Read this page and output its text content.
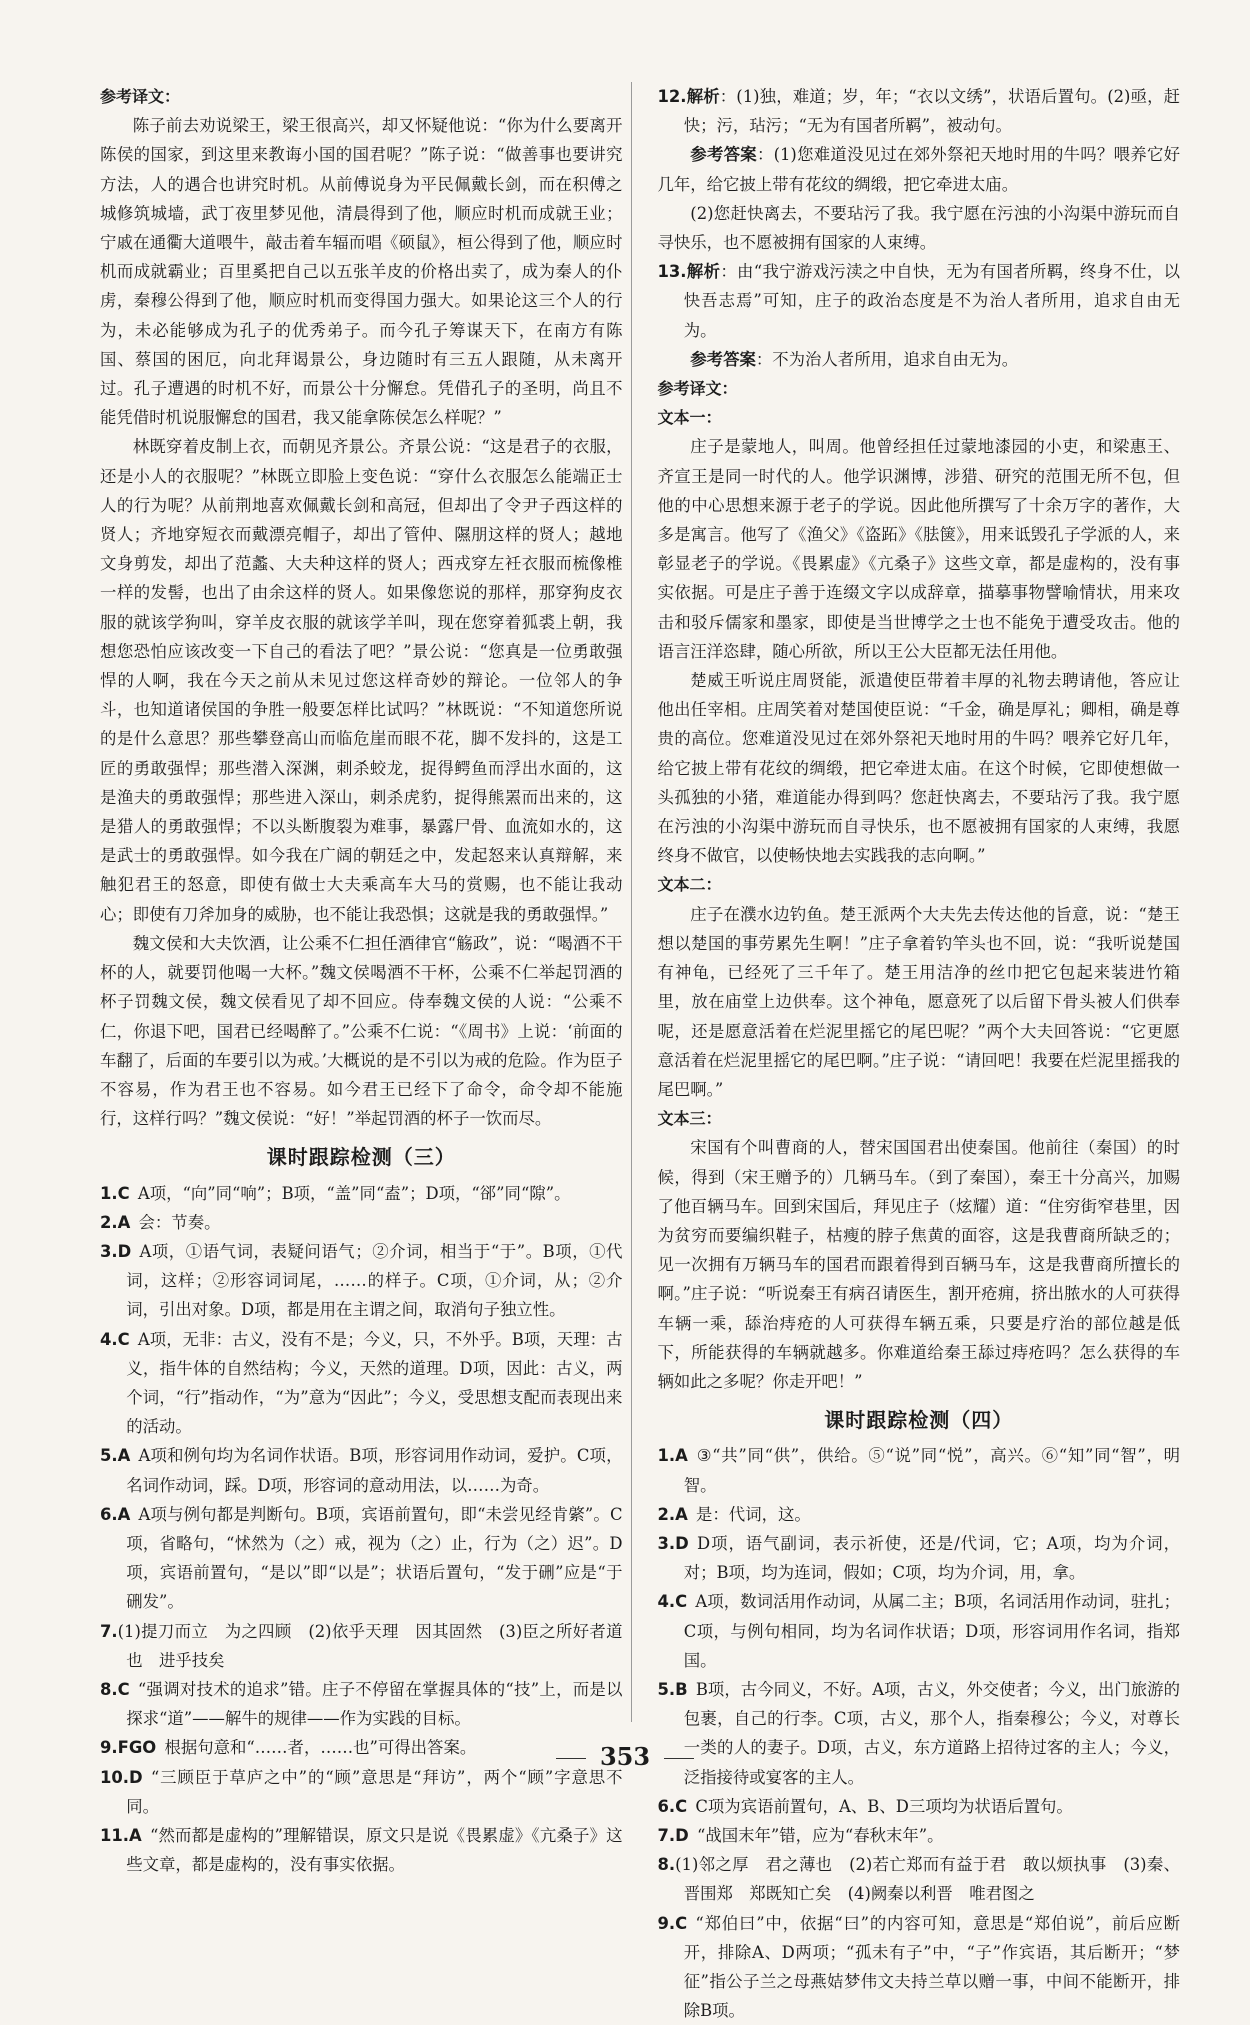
参考译文：

陈子前去劝说梁王，梁王很高兴，却又怀疑他说：“你为什么要离开陈侯的国家，到这里来教诲小国的国君呢？”陈子说：“做善事也要讲究方法，人的遇合也讲究时机。从前傅说身为平民佩戴长剑，而在积傅之城修筑城墙，武丁夜里梦见他，清晨得到了他，顺应时机而成就王业；宁戚在通衢大道喂牛，敲击着车辐而唱《硕鼠》，桓公得到了他，顺应时机而成就霸业；百里奚把自己以五张羊皮的价格出卖了，成为秦人的仆虏，秦穆公得到了他，顺应时机而变得国力强大。如果论这三个人的行为，未必能够成为孔子的优秀弟子。而今孔子筹谋天下，在南方有陈国、蔡国的困厄，向北拜谒景公，身边随时有三五人跟随，从未离开过。孔子遭遇的时机不好，而景公十分懈怠。凭借孔子的圣明，尚且不能凭借时机说服懈怠的国君，我又能拿陈侯怎么样呢？”

林既穿着皮制上衣，而朝见齐景公。齐景公说：“这是君子的衣服，还是小人的衣服呢？”林既立即脸上变色说：“穿什么衣服怎么能端正士人的行为呢？从前荆地喜欢佩戴长剑和高冠，但却出了令尹子西这样的贤人；齐地穿短衣而戴漂亮帽子，却出了管仲、隰朋这样的贤人；越地文身剪发，却出了范蠡、大夫种这样的贤人；西戎穿左衽衣服而梳像椎一样的发髻，也出了由余这样的贤人。如果像您说的那样，那穿狗皮衣服的就该学狗叫，穿羊皮衣服的就该学羊叫，现在您穿着狐裘上朝，我想您恐怕应该改变一下自己的看法了吧？”景公说：“您真是一位勇敢强悍的人啊，我在今天之前从未见过您这样奇妙的辩论。一位邻人的争斗，也知道诸侯国的争胜一般要怎样比试吗？”林既说：“不知道您所说的是什么意思？那些攀登高山而临危崖而眼不花，脚不发抖的，这是工匠的勇敢强悍；那些潜入深渊，刺杀蛟龙，捉得鳄鱼而浮出水面的，这是渔夫的勇敢强悍；那些进入深山，刺杀虎豹，捉得熊罴而出来的，这是猎人的勇敢强悍；不以头断腹裂为难事，暴露尸骨、血流如水的，这是武士的勇敢强悍。如今我在广阔的朝廷之中，发起怒来认真辩解，来触犯君王的怒意，即使有做士大夫乘高车大马的赏赐，也不能让我动心；即使有刀斧加身的威胁，也不能让我恐惧；这就是我的勇敢强悍。”

魏文侯和大夫饮酒，让公乘不仁担任酒律官“觞政”，说：“喝酒不干杯的人，就要罚他喝一大杯。”魏文侯喝酒不干杯，公乘不仁举起罚酒的杯子罚魏文侯，魏文侯看见了却不回应。侍奉魏文侯的人说：“公乘不仁，你退下吧，国君已经喝醉了。”公乘不仁说：“《周书》上说：‘前面的车翻了，后面的车要引以为戒。’大概说的是不引以为戒的危险。作为臣子不容易，作为君王也不容易。如今君王已经下了命令，命令却不能施行，这样行吗？”魏文侯说：“好！”举起罚酒的杯子一饮而尽。

课时跟踪检测（三）

1.C  A项，“向”同“响”；B项，“盖”同“盍”；D项，“郤”同“隙”。

2.A  会：节奏。

3.D  A项，①语气词，表疑问语气；②介词，相当于“于”。B项，①代词，这样；②形容词词尾，……的样子。C项，①介词，从；②介词，引出对象。D项，都是用在主谓之间，取消句子独立性。

4.C  A项，无非：古义，没有不是；今义，只，不外乎。B项，天理：古义，指牛体的自然结构；今义，天然的道理。D项，因此：古义，两个词，“行”指动作，“为”意为“因此”；今义，受思想支配而表现出来的活动。

5.A  A项和例句均为名词作状语。B项，形容词用作动词，爱护。C项，名词作动词，踩。D项，形容词的意动用法，以……为奇。

6.A  A项与例句都是判断句。B项，宾语前置句，即“未尝见经肯綮”。C项，省略句，“怵然为（之）戒，视为（之）止，行为（之）迟”。D项，宾语前置句，“是以”即“以是”；状语后置句，“发于硎”应是“于硎发”。

7.(1)提刀而立　为之四顾　(2)依乎天理　因其固然　(3)臣之所好者道也　进乎技矣

8.C  “强调对技术的追求”错。庄子不停留在掌握具体的“技”上，而是以探求“道”——解牛的规律——作为实践的目标。

9.FGO  根据句意和“……者，……也”可得出答案。

10.D  “三顾臣于草庐之中”的“顾”意思是“拜访”，两个“顾”字意思不同。

11.A  “然而都是虚构的”理解错误，原文只是说《畏累虚》《亢桑子》这些文章，都是虚构的，没有事实依据。

12.解析：(1)独，难道；岁，年；“衣以文绣”，状语后置句。(2)亟，赶快；污，玷污；“无为有国者所羁”，被动句。

参考答案：(1)您难道没见过在郊外祭祀天地时用的牛吗？喂养它好几年，给它披上带有花纹的绸缎，把它牵进太庙。

(2)您赶快离去，不要玷污了我。我宁愿在污浊的小沟渠中游玩而自寻快乐，也不愿被拥有国家的人束缚。

13.解析：由“我宁游戏污渎之中自快，无为有国者所羁，终身不仕，以快吾志焉”可知，庄子的政治态度是不为治人者所用，追求自由无为。

参考答案：不为治人者所用，追求自由无为。

参考译文：

文本一：

庄子是蒙地人，叫周。他曾经担任过蒙地漆园的小吏，和梁惠王、齐宣王是同一时代的人。他学识渊博，涉猎、研究的范围无所不包，但他的中心思想来源于老子的学说。因此他所撰写了十余万字的著作，大多是寓言。他写了《渔父》《盗跖》《胠箧》，用来诋毁孔子学派的人，来彰显老子的学说。《畏累虚》《亢桑子》这些文章，都是虚构的，没有事实依据。可是庄子善于连缀文字以成辞章，描摹事物譬喻情状，用来攻击和驳斥儒家和墨家，即使是当世博学之士也不能免于遭受攻击。他的语言汪洋恣肆，随心所欲，所以王公大臣都无法任用他。

楚威王听说庄周贤能，派遣使臣带着丰厚的礼物去聘请他，答应让他出任宰相。庄周笑着对楚国使臣说：“千金，确是厚礼；卿相，确是尊贵的高位。您难道没见过在郊外祭祀天地时用的牛吗？喂养它好几年，给它披上带有花纹的绸缎，把它牵进太庙。在这个时候，它即使想做一头孤独的小猪，难道能办得到吗？您赶快离去，不要玷污了我。我宁愿在污浊的小沟渠中游玩而自寻快乐，也不愿被拥有国家的人束缚，我愿终身不做官，以使畅快地去实践我的志向啊。”

文本二：

庄子在濮水边钓鱼。楚王派两个大夫先去传达他的旨意，说：“楚王想以楚国的事劳累先生啊！”庄子拿着钓竿头也不回，说：“我听说楚国有神龟，已经死了三千年了。楚王用洁净的丝巾把它包起来装进竹箱里，放在庙堂上边供奉。这个神龟，愿意死了以后留下骨头被人们供奉呢，还是愿意活着在烂泥里摇它的尾巴呢？”两个大夫回答说：“它更愿意活着在烂泥里摇它的尾巴啊。”庄子说：“请回吧！我要在烂泥里摇我的尾巴啊。”

文本三：

宋国有个叫曹商的人，替宋国国君出使秦国。他前往（秦国）的时候，得到（宋王赠予的）几辆马车。（到了秦国），秦王十分高兴，加赐了他百辆马车。回到宋国后，拜见庄子（炫耀）道：“住穷街窄巷里，因为贫穷而要编织鞋子，枯瘦的脖子焦黄的面容，这是我曹商所缺乏的；见一次拥有万辆马车的国君而跟着得到百辆马车，这是我曹商所擅长的啊。”庄子说：“听说秦王有病召请医生，割开疮痈，挤出脓水的人可获得车辆一乘，舔治痔疮的人可获得车辆五乘，只要是疗治的部位越是低下，所能获得的车辆就越多。你难道给秦王舔过痔疮吗？怎么获得的车辆如此之多呢？你走开吧！”

课时跟踪检测（四）

1.A  ③“共”同“供”，供给。⑤“说”同“悦”，高兴。⑥“知”同“智”，明智。

2.A  是：代词，这。

3.D  D项，语气副词，表示祈使，还是/代词，它；A项，均为介词，对；B项，均为连词，假如；C项，均为介词，用，拿。

4.C  A项，数词活用作动词，从属二主；B项，名词活用作动词，驻扎；C项，与例句相同，均为名词作状语；D项，形容词用作名词，指郑国。

5.B  B项，古今同义，不好。A项，古义，外交使者；今义，出门旅游的包裹，自己的行李。C项，古义，那个人，指秦穆公；今义，对尊长一类的人的妻子。D项，古义，东方道路上招待过客的主人；今义，泛指接待或宴客的主人。

6.C  C项为宾语前置句，A、B、D三项均为状语后置句。

7.D  “战国末年”错，应为“春秋末年”。

8.(1)邻之厚　君之薄也　(2)若亡郑而有益于君　敢以烦执事　(3)秦、晋围郑　郑既知亡矣　(4)阙秦以利晋　唯君图之

9.C  “郑伯曰”中，依据“曰”的内容可知，意思是“郑伯说”，前后应断开，排除A、D两项；“孤未有子”中，“子”作宾语，其后断开；“梦征”指公子兰之母燕姞梦伟文夫持兰草以赠一事，中间不能断开，排除B项。

353
